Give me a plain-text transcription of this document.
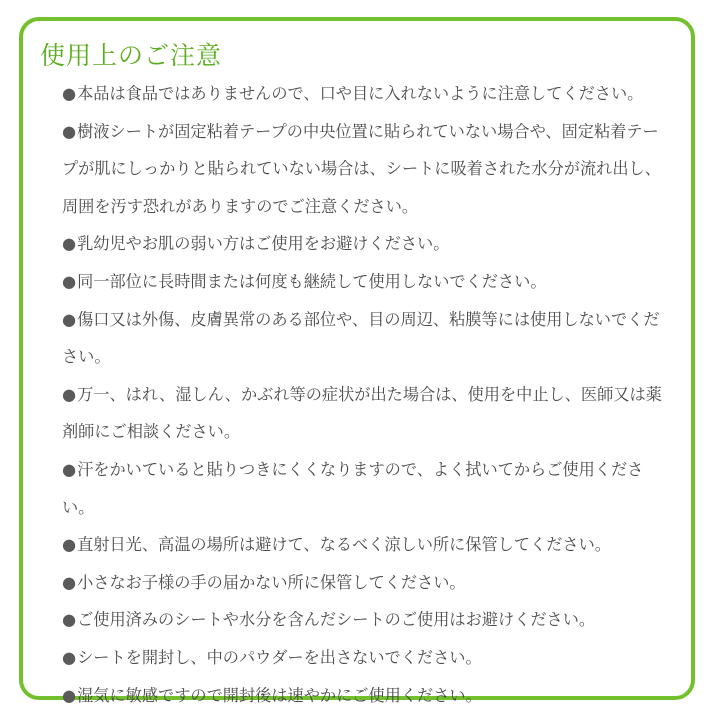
使用上のご注意
●本品は食品ではありませんので、口や目に入れないように注意してください。
●樹液シートが固定粘着テープの中央位置に貼られていない場合や、固定粘着テープが肌にしっかりと貼られていない場合は、シートに吸着された水分が流れ出し、周囲を汚す恐れがありますのでご注意ください。
●乳幼児やお肌の弱い方はご使用をお避けください。
●同一部位に長時間または何度も継続して使用しないでください。
●傷口又は外傷、皮膚異常のある部位や、目の周辺、粘膜等には使用しないでください。
●万一、はれ、湿しん、かぶれ等の症状が出た場合は、使用を中止し、医師又は薬剤師にご相談ください。
●汗をかいていると貼りつきにくくなりますので、よく拭いてからご使用ください。
●直射日光、高温の場所は避けて、なるべく涼しい所に保管してください。
●小さなお子様の手の届かない所に保管してください。
●ご使用済みのシートや水分を含んだシートのご使用はお避けください。
●シートを開封し、中のパウダーを出さないでください。
●湿気に敏感ですので開封後は速やかにご使用ください。
